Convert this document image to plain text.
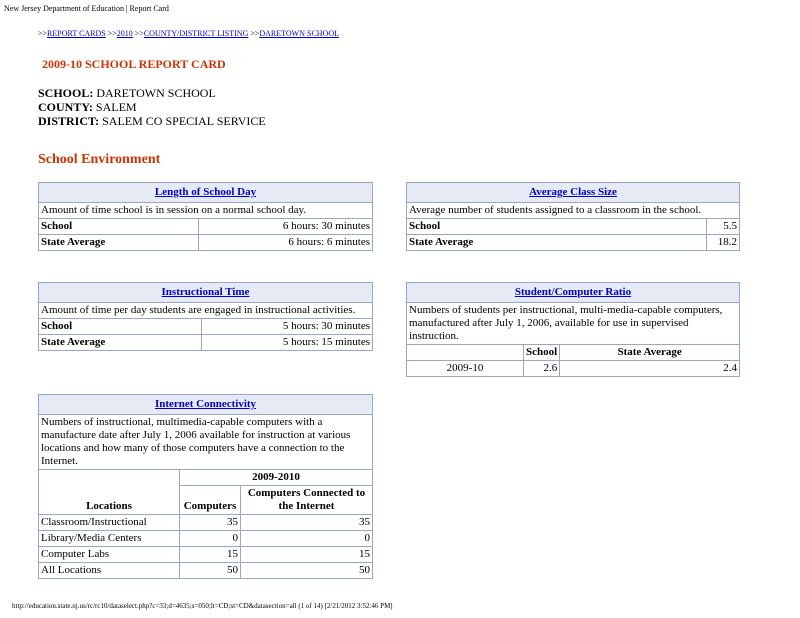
New Jersey Department of Education | Report Card
>>REPORT CARDS >>2010 >>COUNTY/DISTRICT LISTING >>DARETOWN SCHOOL
2009-10 SCHOOL REPORT CARD
SCHOOL: DARETOWN SCHOOL
COUNTY: SALEM
DISTRICT: SALEM CO SPECIAL SERVICE
School Environment
Length of School Day	
Amount of time school is in session on a normal school day.	
School	6 hours: 30 minutes
State Average	6 hours: 6 minutes
Average Class Size	
Average number of students assigned to a classroom in the school.	
School	5.5
State Average	18.2
Instructional Time	
Amount of time per day students are engaged in instructional activities.	
School	5 hours: 30 minutes
State Average	5 hours: 15 minutes
Student/Computer Ratio		
Numbers of students per instructional, multi-media-capable computers, manufactured after July 1, 2006, available for use in supervised instruction.		
	School	State Average
2009-10	2.6	2.4
Internet Connectivity		
Numbers of instructional, multimedia-capable computers with a manufacture date after July 1, 2006 available for instruction at various locations and how many of those computers have a connection to the Internet.		
Locations	2009-2010	
	Computers	Computers Connected to the Internet
Classroom/Instructional	35	35
Library/Media Centers	0	0
Computer Labs	15	15
All Locations	50	50
http://education.state.nj.us/rc/rc10/dataselect.php?c=33;d=4635;s=050;lt=CD;st=CD&datasection=all (1 of 14) [2/21/2012 3:52:46 PM]
